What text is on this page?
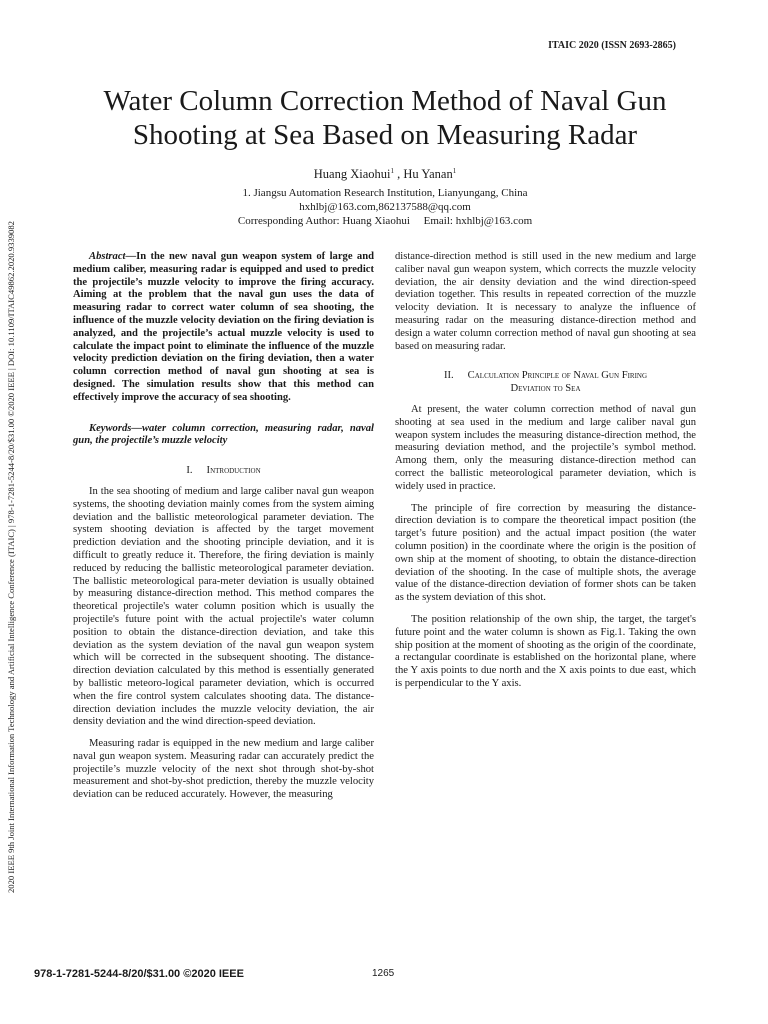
ITAIC 2020 (ISSN 2693-2865)
2020 IEEE 9th Joint International Information Technology and Artificial Intelligence Conference (ITAIC) | 978-1-7281-5244-8/20/$31.00 ©2020 IEEE | DOI: 10.1109/ITAIC49862.2020.9339082
Water Column Correction Method of Naval Gun Shooting at Sea Based on Measuring Radar
Huang Xiaohui$^1$ , Hu Yanan$^1$
1. Jiangsu Automation Research Institution, Lianyungang, China
hxhlbj@163.com,862137588@qq.com
Corresponding Author: Huang Xiaohui     Email: hxhlbj@163.com

Abstract—In the new naval gun weapon system of large and medium caliber, measuring radar is equipped and used to predict the projectile’s muzzle velocity to improve the firing accuracy. Aiming at the problem that the naval gun uses the data of measuring radar to correct water column of sea shooting, the influence of the muzzle velocity deviation on the firing deviation is analyzed, and the projectile’s actual muzzle velocity is used to calculate the impact point to eliminate the influence of the muzzle velocity prediction deviation on the firing deviation, then a water column correction method of naval gun shooting at sea is designed. The simulation results show that this method can effectively improve the accuracy of sea shooting.

Keywords—water column correction, measuring radar, naval gun, the projectile’s muzzle velocity

I. Introduction

In the sea shooting of medium and large caliber naval gun weapon systems, the shooting deviation mainly comes from the system aiming deviation and the ballistic meteorological parameter deviation. The system shooting deviation is affected by the target movement prediction deviation and the shooting principle deviation, and it is difficult to greatly reduce it. Therefore, the firing deviation is mainly reduced by reducing the ballistic meteorological parameter deviation. The ballistic meteorological para-meter deviation is usually obtained by measuring distance-direction method. This method compares the theoretical projectile's water column position which is usually the projectile's future point with the actual projectile's water column position to obtain the distance-direction deviation, and take this deviation as the system deviation of the naval gun weapon system which will be corrected in the subsequent shooting. The distance-direction deviation calculated by this method is essentially generated by ballistic meteoro-logical parameter deviation, which is occurred when the fire control system calculates shooting data. The distance-direction deviation includes the muzzle velocity deviation, the air density deviation and the wind direction-speed deviation.

Measuring radar is equipped in the new medium and large caliber naval gun weapon system. Measuring radar can accurately predict the projectile’s muzzle velocity of the next shot through shot-by-shot measurement and shot-by-shot prediction, thereby the muzzle velocity deviation can be reduced accurately. However, the measuring

distance-direction method is still used in the new medium and large caliber naval gun weapon system, which corrects the muzzle velocity deviation, the air density deviation and the wind direction-speed deviation together. This results in repeated correction of the muzzle velocity deviation. It is necessary to analyze the influence of measuring radar on the measuring distance-direction method and design a water column correction method of naval gun shooting at sea based on measuring radar.

II. Calculation Principle of Naval Gun Firing
Deviation to Sea

At present, the water column correction method of naval gun shooting at sea used in the medium and large caliber naval gun weapon system includes the measuring distance-direction method, the measuring deviation method, and the projectile’s symbol method. Among them, only the measuring distance-direction method can correct the ballistic meteorological parameter deviation, which is widely used in practice.

The principle of fire correction by measuring the distance-direction deviation is to compare the theoretical impact position (the target’s future position) and the actual impact position (the water column position) in the coordinate where the origin is the position of own ship at the moment of shooting, to obtain the distance-direction deviation of the shooting. In the case of multiple shots, the average value of the distance-direction deviation of former shots can be taken as the system deviation of this shot.

The position relationship of the own ship, the target, the target's future point and the water column is shown as Fig.1. Taking the own ship position at the moment of shooting as the origin of the coordinate, a rectangular coordinate is established on the horizontal plane, where the Y axis points to due north and the X axis points to due east, which is perpendicular to the Y axis.

978-1-7281-5244-8/20/$31.00 ©2020 IEEE	1265
